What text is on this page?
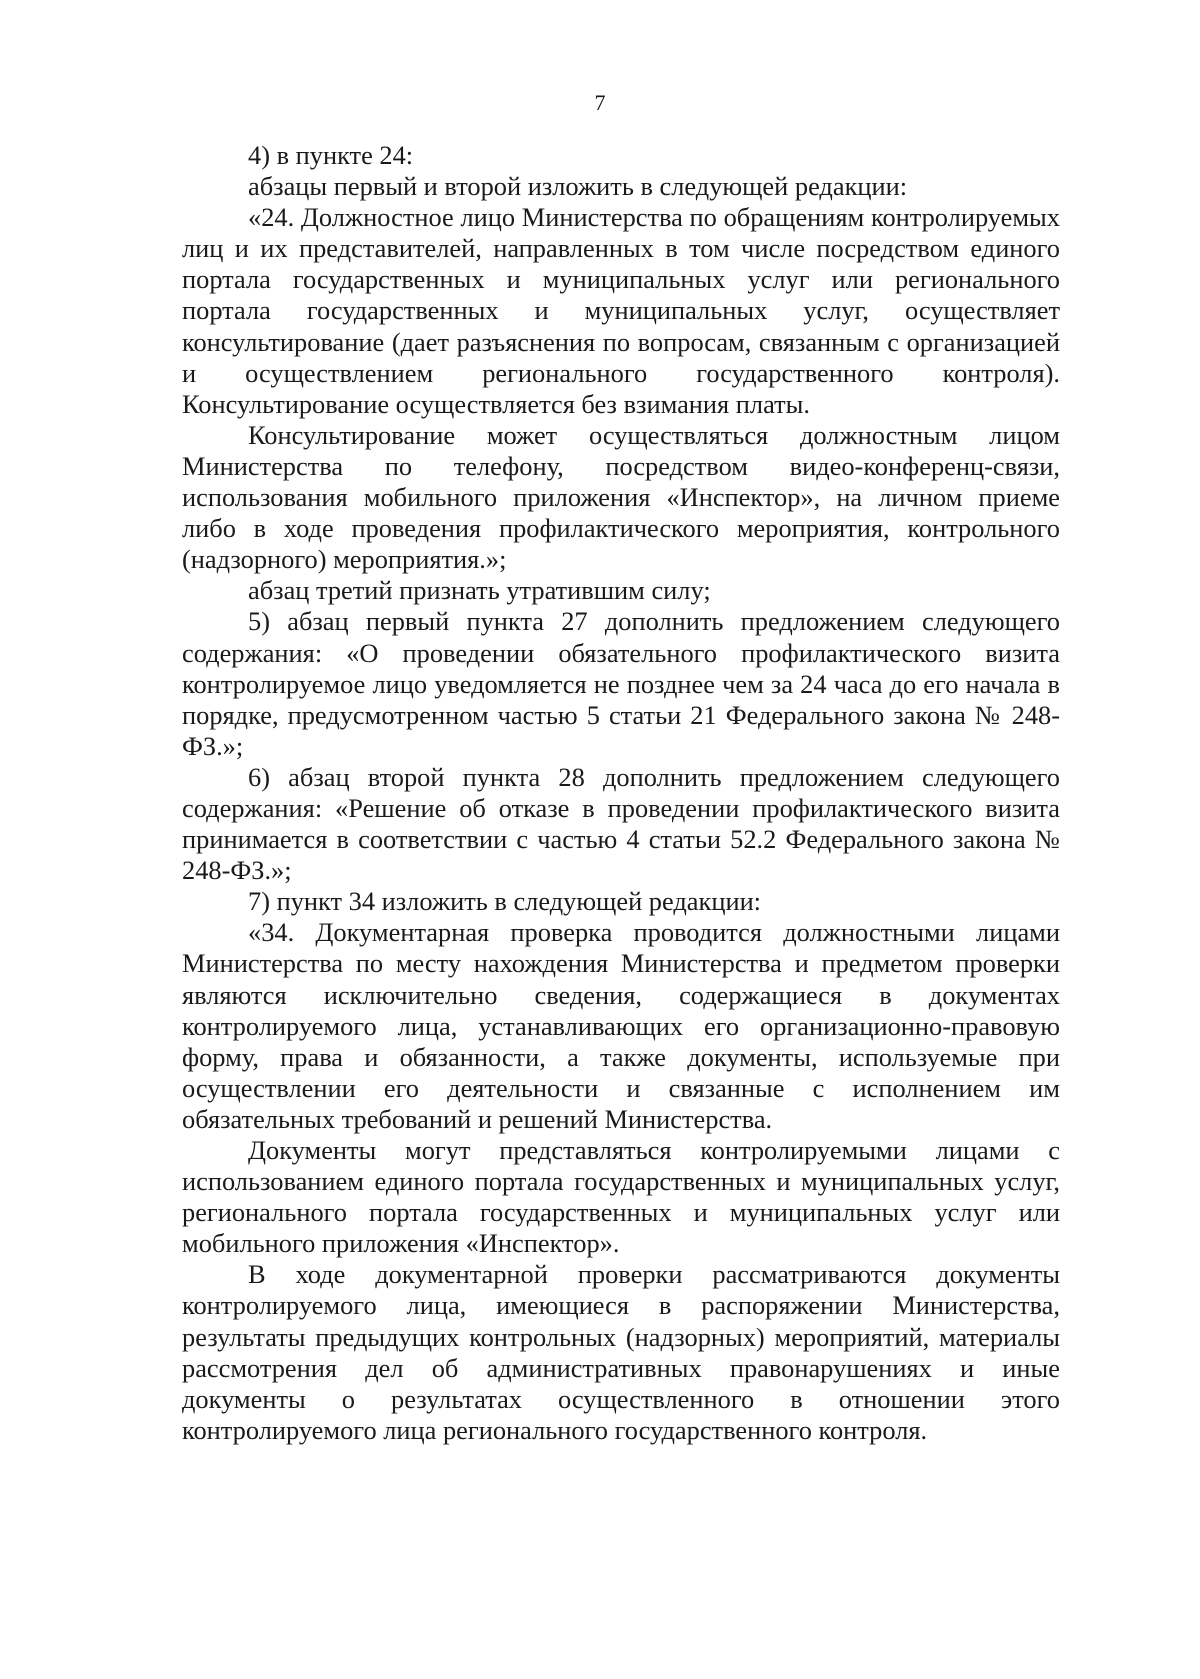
7

4) в пункте 24:

абзацы первый и второй изложить в следующей редакции:

«24. Должностное лицо Министерства по обращениям контролируемых лиц и их представителей, направленных в том числе посредством единого портала государственных и муниципальных услуг или регионального портала государственных и муниципальных услуг, осуществляет консультирование (дает разъяснения по вопросам, связанным с организацией и осуществлением регионального государственного контроля). Консультирование осуществляется без взимания платы.

Консультирование может осуществляться должностным лицом Министерства по телефону, посредством видео-конференц-связи, использования мобильного приложения «Инспектор», на личном приеме либо в ходе проведения профилактического мероприятия, контрольного (надзорного) мероприятия.»;

абзац третий признать утратившим силу;

5) абзац первый пункта 27 дополнить предложением следующего содержания: «О проведении обязательного профилактического визита контролируемое лицо уведомляется не позднее чем за 24 часа до его начала в порядке, предусмотренном частью 5 статьи 21 Федерального закона № 248-ФЗ.»;

6) абзац второй пункта 28 дополнить предложением следующего содержания: «Решение об отказе в проведении профилактического визита принимается в соответствии с частью 4 статьи 52.2 Федерального закона № 248-ФЗ.»;

7) пункт 34 изложить в следующей редакции:

«34. Документарная проверка проводится должностными лицами Министерства по месту нахождения Министерства и предметом проверки являются исключительно сведения, содержащиеся в документах контролируемого лица, устанавливающих его организационно-правовую форму, права и обязанности, а также документы, используемые при осуществлении его деятельности и связанные с исполнением им обязательных требований и решений Министерства.

Документы могут представляться контролируемыми лицами с использованием единого портала государственных и муниципальных услуг, регионального портала государственных и муниципальных услуг или мобильного приложения «Инспектор».

В ходе документарной проверки рассматриваются документы контролируемого лица, имеющиеся в распоряжении Министерства, результаты предыдущих контрольных (надзорных) мероприятий, материалы рассмотрения дел об административных правонарушениях и иные документы о результатах осуществленного в отношении этого контролируемого лица регионального государственного контроля.
